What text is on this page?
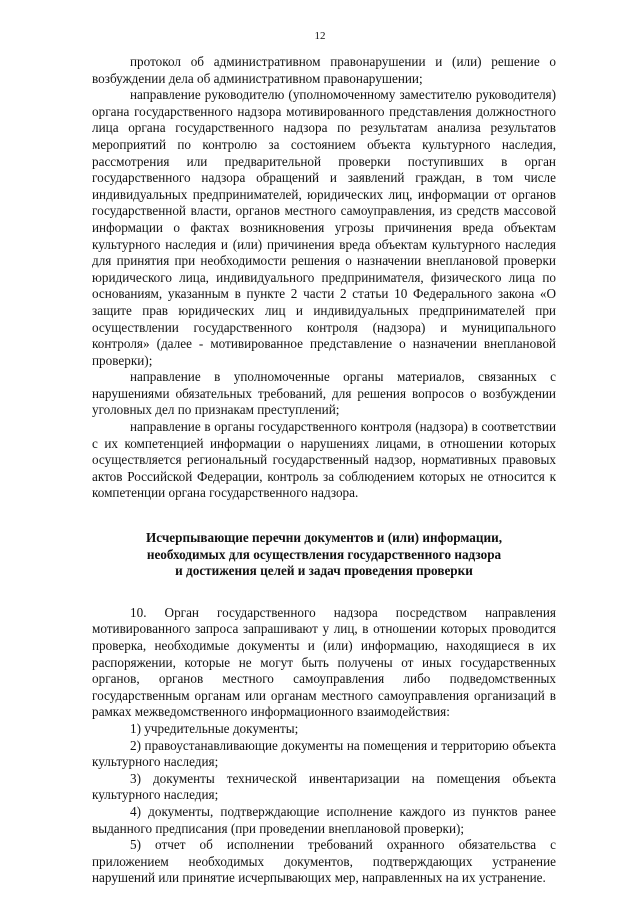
12

протокол об административном правонарушении и (или) решение о возбуждении дела об административном правонарушении;

направление руководителю (уполномоченному заместителю руководителя) органа государственного надзора мотивированного представления должностного лица органа государственного надзора по результатам анализа результатов мероприятий по контролю за состоянием объекта культурного наследия, рассмотрения или предварительной проверки поступивших в орган государственного надзора обращений и заявлений граждан, в том числе индивидуальных предпринимателей, юридических лиц, информации от органов государственной власти, органов местного самоуправления, из средств массовой информации о фактах возникновения угрозы причинения вреда объектам культурного наследия и (или) причинения вреда объектам культурного наследия для принятия при необходимости решения о назначении внеплановой проверки юридического лица, индивидуального предпринимателя, физического лица по основаниям, указанным в пункте 2 части 2 статьи 10 Федерального закона «О защите прав юридических лиц и индивидуальных предпринимателей при осуществлении государственного контроля (надзора) и муниципального контроля» (далее - мотивированное представление о назначении внеплановой проверки);

направление в уполномоченные органы материалов, связанных с нарушениями обязательных требований, для решения вопросов о возбуждении уголовных дел по признакам преступлений;

направление в органы государственного контроля (надзора) в соответствии с их компетенцией информации о нарушениях лицами, в отношении которых осуществляется региональный государственный надзор, нормативных правовых актов Российской Федерации, контроль за соблюдением которых не относится к компетенции органа государственного надзора.

Исчерпывающие перечни документов и (или) информации,
необходимых для осуществления государственного надзора
и достижения целей и задач проведения проверки

10. Орган государственного надзора посредством направления мотивированного запроса запрашивают у лиц, в отношении которых проводится проверка, необходимые документы и (или) информацию, находящиеся в их распоряжении, которые не могут быть получены от иных государственных органов, органов местного самоуправления либо подведомственных государственным органам или органам местного самоуправления организаций в рамках межведомственного информационного взаимодействия:

1) учредительные документы;

2) правоустанавливающие документы на помещения и территорию объекта культурного наследия;

3) документы технической инвентаризации на помещения объекта культурного наследия;

4) документы, подтверждающие исполнение каждого из пунктов ранее выданного предписания (при проведении внеплановой проверки);

5) отчет об исполнении требований охранного обязательства с приложением необходимых документов, подтверждающих устранение нарушений или принятие исчерпывающих мер, направленных на их устранение.
